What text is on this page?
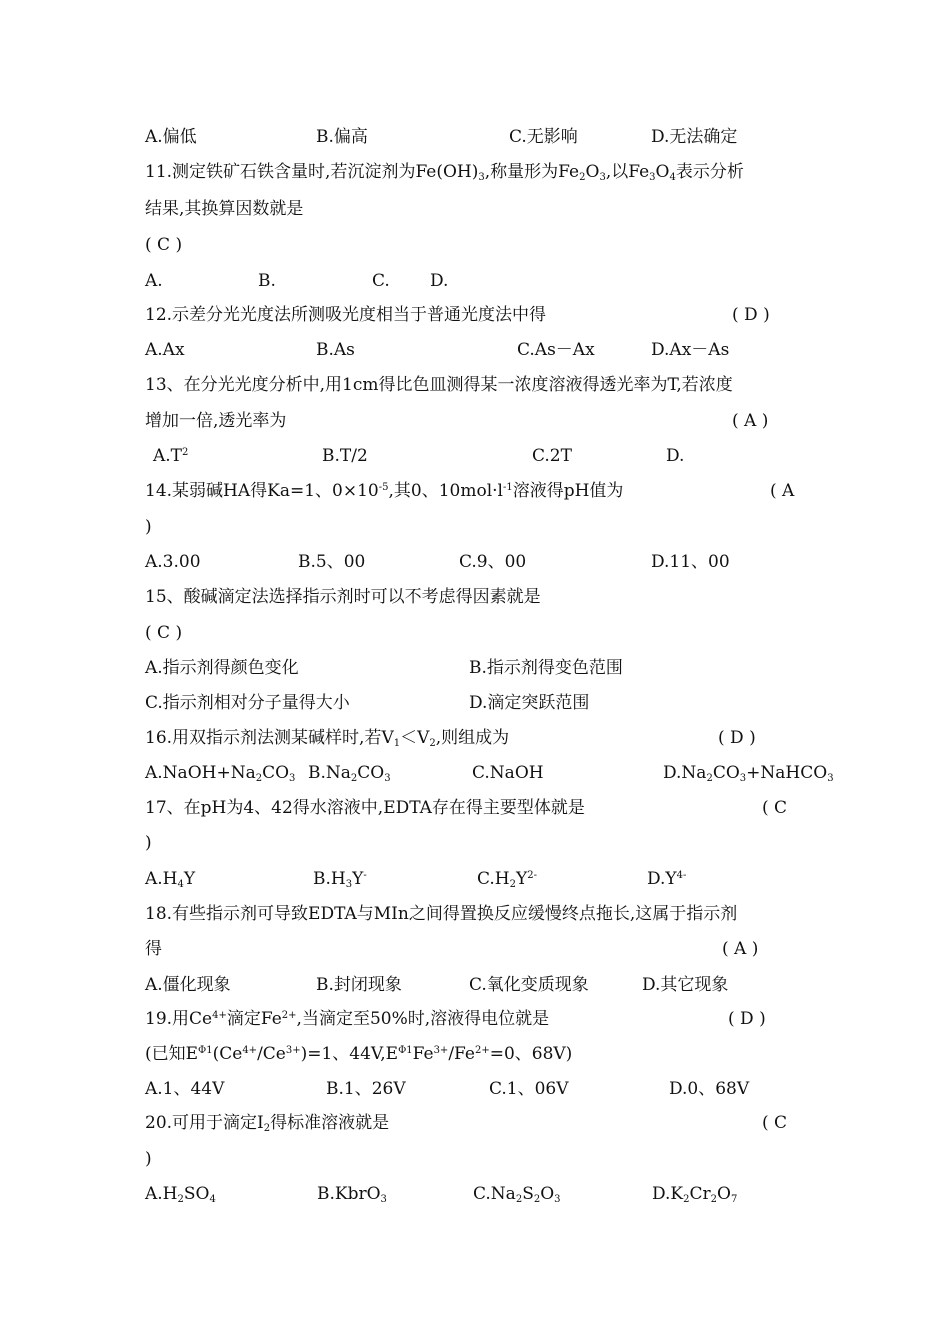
A.偏低	B.偏高	C.无影响	D.无法确定
11.测定铁矿石铁含量时,若沉淀剂为$Fe(OH)_3$,称量形为$Fe_2O_3$,以$Fe_3O_4$表示分析
结果,其换算因数就是
( C )
A.	B.	C. D.
12.示差分光光度法所测吸光度相当于普通光度法中得	( D )
A.Ax	B.As	C.As－Ax	D.Ax－As
13、在分光光度分析中,用1cm得比色皿测得某一浓度溶液得透光率为T,若浓度
增加一倍,透光率为	( A )
$A.T^2$	B.T/2	C.2T	D.
14.某弱碱HA得Ka=1、$0\times 10^{-5}$,其0、$10mol\cdot l^{-1}$溶液得pH值为	( A
)
A.3.00	B.5、00	C.9、00	D.11、00
15、酸碱滴定法选择指示剂时可以不考虑得因素就是
( C )
A.指示剂得颜色变化	B.指示剂得变色范围
C.指示剂相对分子量得大小	D.滴定突跃范围
16.用双指示剂法测某碱样时,若$V_1<V_2$,则组成为	( D )
$A.NaOH+Na_2CO_3$ $B.Na_2CO_3$	C.NaOH	$D.Na_2CO_3+NaHCO_3$
17、在pH为4、42得水溶液中,EDTA存在得主要型体就是	( C
)
$A.H_4Y$	$B.H_3Y^-$	$C.H_2Y^{2-}$	$D.Y^{4-}$
18.有些指示剂可导致EDTA与MIn之间得置换反应缓慢终点拖长,这属于指示剂
得	( A )
A.僵化现象	B.封闭现象	C.氧化变质现象	D.其它现象
19.用$Ce^{4+}$滴定$Fe^{2+}$,当滴定至50%时,溶液得电位就是	( D )
(已知$E^{\Phi 1}(Ce^{4+}/Ce^{3+})=1$、$44V,E^{\Phi 1}Fe^{3+}/Fe^{2+}=0$、68V)
A.1、44V	B.1、26V	C.1、06V	D.0、68V
20.可用于滴定$I_2$得标准溶液就是	( C
)
$A.H_2SO_4$	B.KbrO$_3$	$C.Na_2S_2O_3$	$D.K_2Cr_2O_7$
